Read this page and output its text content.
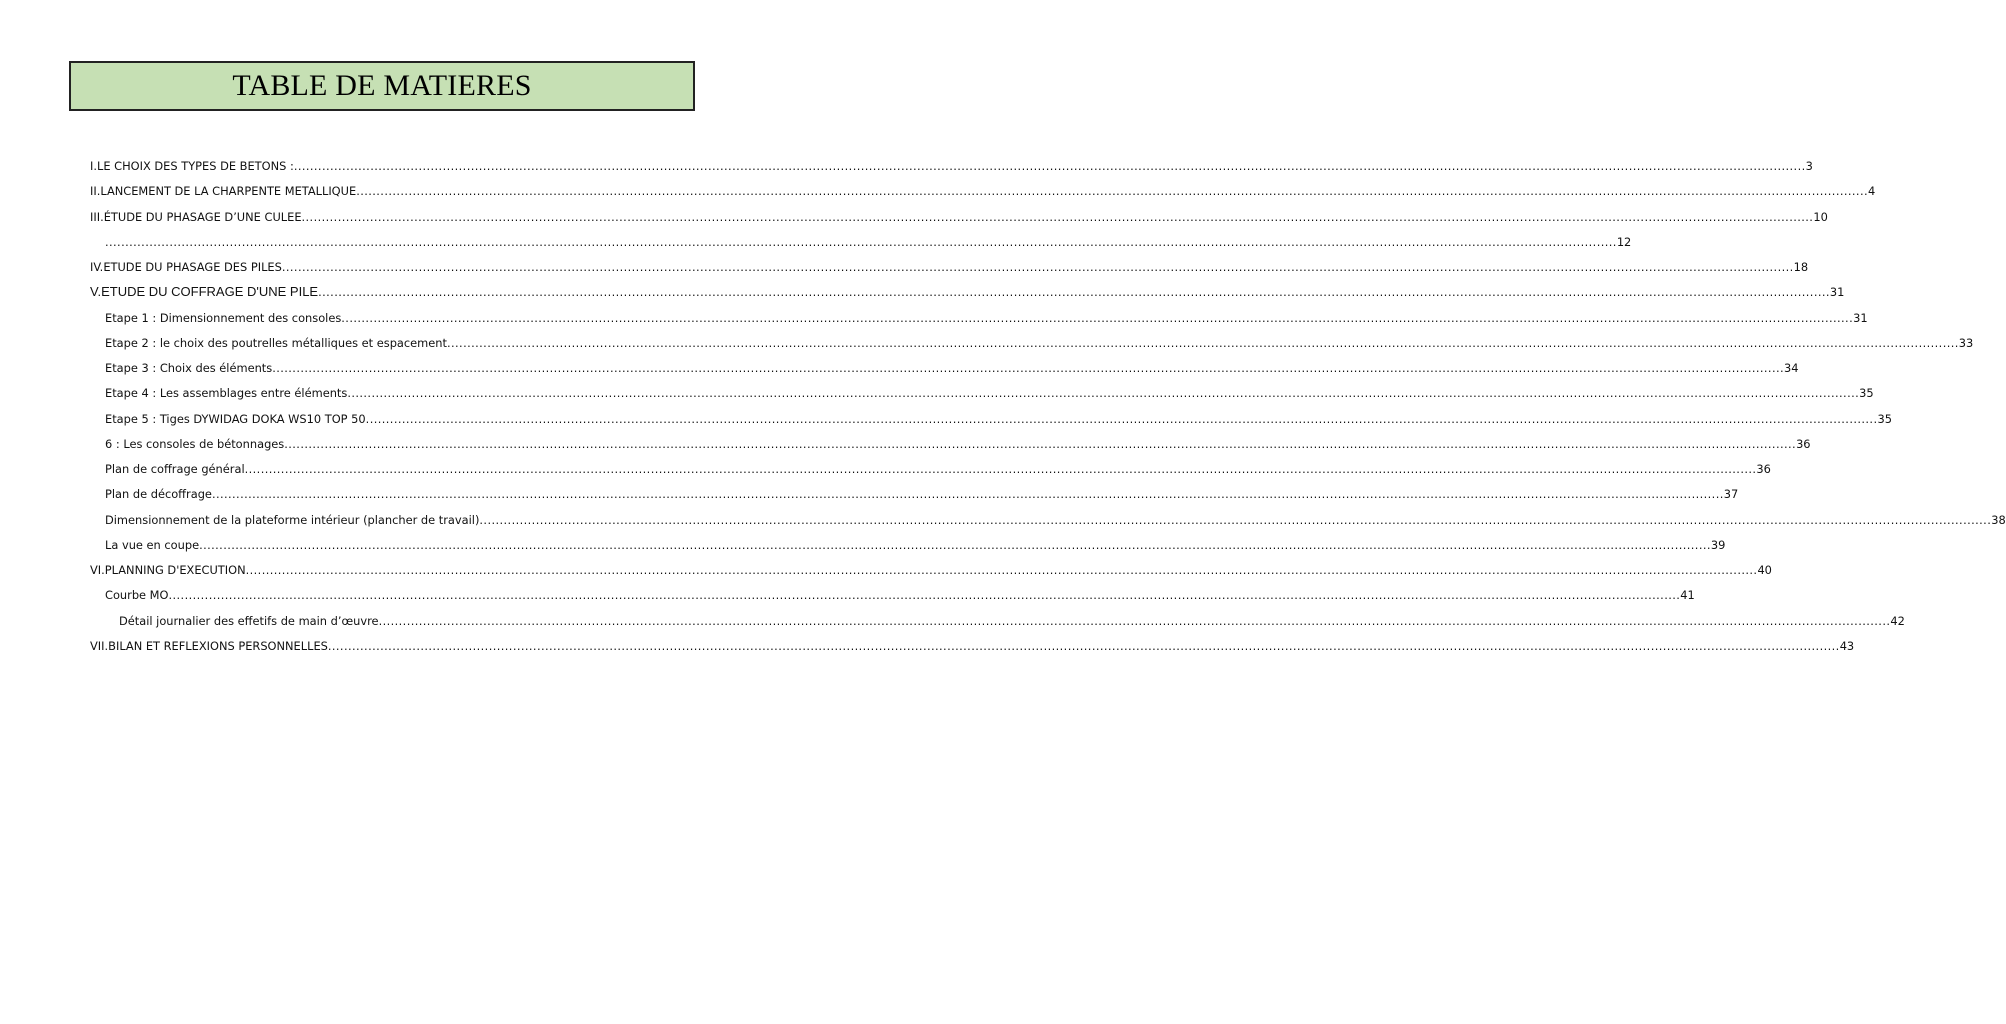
TABLE DE MATIERES
I. LE CHOIX DES TYPES DE BETONS : ........................................................................................................................................................................................................................................................................................................................................................................................ 3
II. LANCEMENT DE LA CHARPENTE METALLIQUE ........................................................................................................................................................................................................................................................................................................................................................................................ 4
III. ÉTUDE DU PHASAGE D’UNE CULEE ........................................................................................................................................................................................................................................................................................................................................................................................ 10
........................................................................................................................................................................................................................................................................................................................................................................................ 12
IV. ETUDE DU PHASAGE DES PILES ........................................................................................................................................................................................................................................................................................................................................................................................ 18
V. ETUDE DU COFFRAGE D'UNE PILE ........................................................................................................................................................................................................................................................................................................................................................................................ 31
Etape 1 : Dimensionnement des consoles ........................................................................................................................................................................................................................................................................................................................................................................................ 31
Etape 2 : le choix des poutrelles métalliques et espacement ........................................................................................................................................................................................................................................................................................................................................................................................ 33
Etape 3 : Choix des éléments ........................................................................................................................................................................................................................................................................................................................................................................................ 34
Etape 4 : Les assemblages entre éléments ........................................................................................................................................................................................................................................................................................................................................................................................ 35
Etape 5 : Tiges DYWIDAG DOKA WS10 TOP 50 ........................................................................................................................................................................................................................................................................................................................................................................................ 35
6 : Les consoles de bétonnages ........................................................................................................................................................................................................................................................................................................................................................................................ 36
Plan de coffrage général ........................................................................................................................................................................................................................................................................................................................................................................................ 36
Plan de décoffrage ........................................................................................................................................................................................................................................................................................................................................................................................ 37
Dimensionnement de la plateforme intérieur (plancher de travail) ........................................................................................................................................................................................................................................................................................................................................................................................ 38
La vue en coupe ........................................................................................................................................................................................................................................................................................................................................................................................ 39
VI. PLANNING D'EXECUTION ........................................................................................................................................................................................................................................................................................................................................................................................ 40
Courbe MO ........................................................................................................................................................................................................................................................................................................................................................................................ 41
Détail journalier des effetifs de main d’œuvre ........................................................................................................................................................................................................................................................................................................................................................................................ 42
VII. BILAN ET REFLEXIONS PERSONNELLES ........................................................................................................................................................................................................................................................................................................................................................................................ 43
